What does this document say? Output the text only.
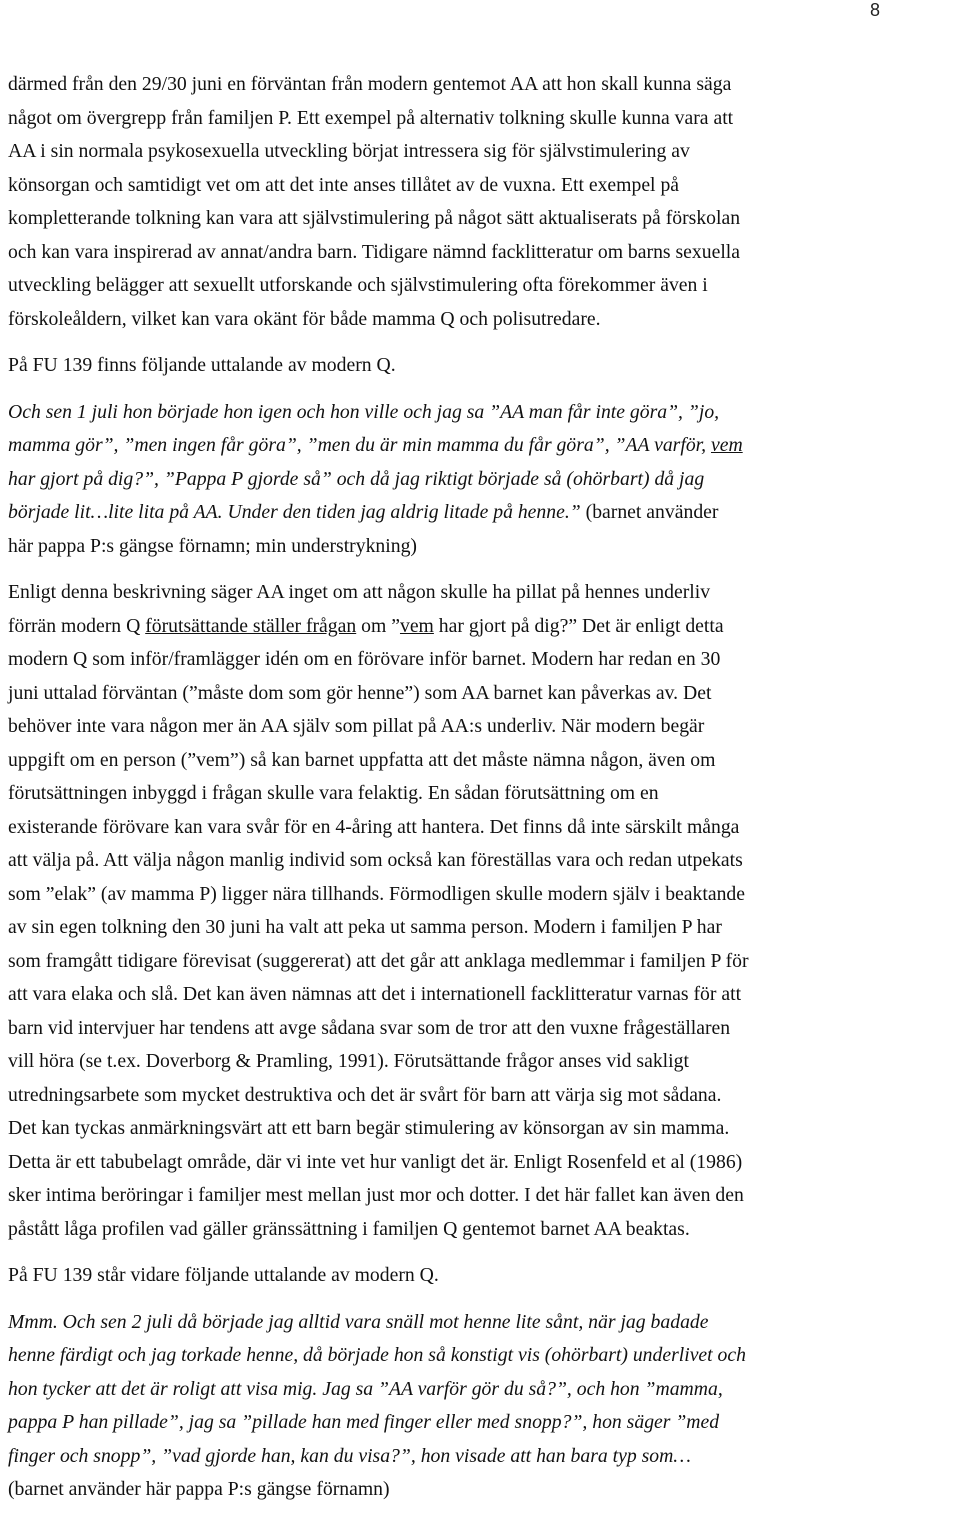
8
därmed från den 29/30 juni en förväntan från modern gentemot AA att hon skall kunna säga
något om övergrepp från familjen P. Ett exempel på alternativ tolkning skulle kunna vara att
AA i sin normala psykosexuella utveckling börjat intressera sig för självstimulering av
könsorgan och samtidigt vet om att det inte anses tillåtet av de vuxna. Ett exempel på
kompletterande tolkning kan vara att självstimulering på något sätt aktualiserats på förskolan
och kan vara inspirerad av annat/andra barn. Tidigare nämnd facklitteratur om barns sexuella
utveckling belägger att sexuellt utforskande och självstimulering ofta förekommer även i
förskoleåldern, vilket kan vara okänt för både mamma Q och polisutredare.
På FU 139 finns följande uttalande av modern Q.
Och sen 1 juli hon började hon igen och hon ville och jag sa ”AA man får inte göra”, ”jo,
mamma gör”, ”men ingen får göra”, ”men du är min mamma du får göra”, ”AA varför, vem
har gjort på dig?”, ”Pappa P gjorde så” och då jag riktigt började så (ohörbart) då jag
började lit…lite lita på AA. Under den tiden jag aldrig litade på henne.” (barnet använder
här pappa P:s gängse förnamn; min understrykning)
Enligt denna beskrivning säger AA inget om att någon skulle ha pillat på hennes underliv
förrän modern Q förutsättande ställer frågan om ”vem har gjort på dig?” Det är enligt detta
modern Q som inför/framlägger idén om en förövare inför barnet. Modern har redan en 30
juni uttalad förväntan (”måste dom som gör henne”) som AA barnet kan påverkas av. Det
behöver inte vara någon mer än AA själv som pillat på AA:s underliv. När modern begär
uppgift om en person (”vem”) så kan barnet uppfatta att det måste nämna någon, även om
förutsättningen inbyggd i frågan skulle vara felaktig. En sådan förutsättning om en
existerande förövare kan vara svår för en 4-åring att hantera. Det finns då inte särskilt många
att välja på. Att välja någon manlig individ som också kan föreställas vara och redan utpekats
som ”elak” (av mamma P) ligger nära tillhands. Förmodligen skulle modern själv i beaktande
av sin egen tolkning den 30 juni ha valt att peka ut samma person. Modern i familjen P har
som framgått tidigare förevisat (suggererat) att det går att anklaga medlemmar i familjen P för
att vara elaka och slå. Det kan även nämnas att det i internationell facklitteratur varnas för att
barn vid intervjuer har tendens att avge sådana svar som de tror att den vuxne frågeställaren
vill höra (se t.ex. Doverborg & Pramling, 1991). Förutsättande frågor anses vid sakligt
utredningsarbete som mycket destruktiva och det är svårt för barn att värja sig mot sådana.
Det kan tyckas anmärkningsvärt att ett barn begär stimulering av könsorgan av sin mamma.
Detta är ett tabubelagt område, där vi inte vet hur vanligt det är. Enligt Rosenfeld et al (1986)
sker intima beröringar i familjer mest mellan just mor och dotter. I det här fallet kan även den
påstått låga profilen vad gäller gränssättning i familjen Q gentemot barnet AA beaktas.
På FU 139 står vidare följande uttalande av modern Q.
Mmm. Och sen 2 juli då började jag alltid vara snäll mot henne lite sånt, när jag badade
henne färdigt och jag torkade henne, då började hon så konstigt vis (ohörbart) underlivet och
hon tycker att det är roligt att visa mig. Jag sa ”AA varför gör du så?”, och hon ”mamma,
pappa P han pillade”, jag sa ”pillade han med finger eller med snopp?”, hon säger ”med
finger och snopp”, ”vad gjorde han, kan du visa?”, hon visade att han bara typ som…
(barnet använder här pappa P:s gängse förnamn)
